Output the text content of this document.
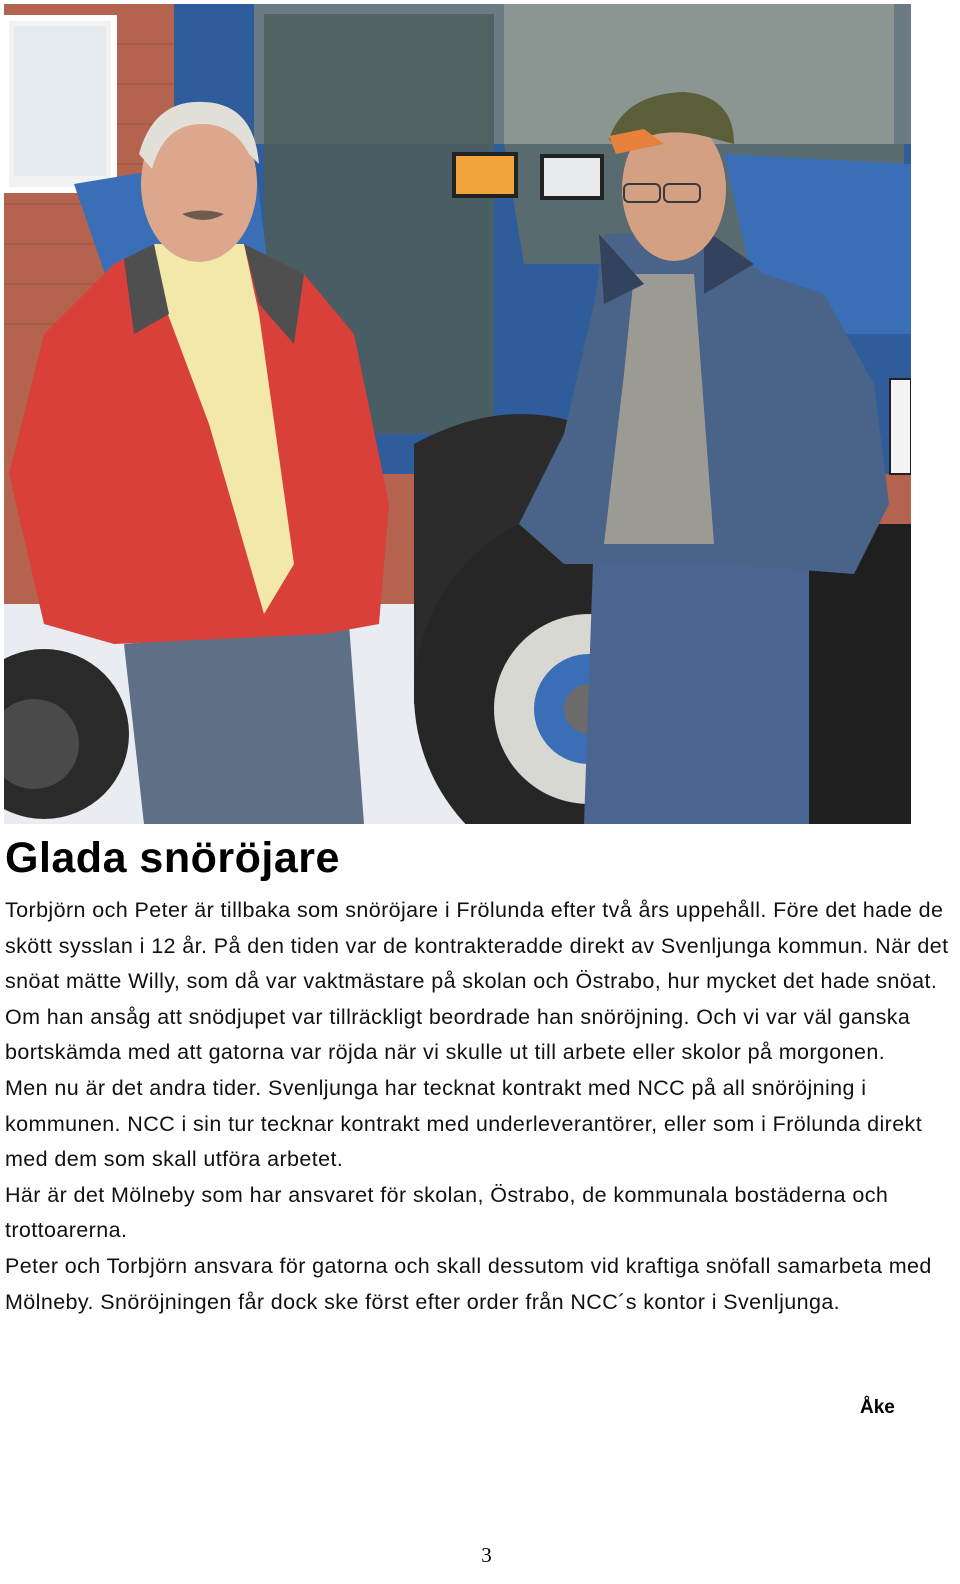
Glada snöröjare

Torbjörn och Peter är tillbaka som snöröjare i Frölunda efter två års uppehåll. Före det hade de skött sysslan i 12 år. På den tiden var de kontrakteradde direkt av Svenljunga kommun. När det snöat mätte Willy, som då var vaktmästare på skolan och Östrabo, hur mycket det hade snöat. Om han ansåg att snödjupet var tillräckligt beordrade han snöröjning. Och vi var väl ganska bortskämda med att gatorna var röjda när vi skulle ut till arbete eller skolor på morgonen.

Men nu är det andra tider. Svenljunga har tecknat kontrakt med NCC på all snöröjning i kommunen. NCC i sin tur tecknar kontrakt med underleverantörer, eller som i Frölunda direkt med dem som skall utföra arbetet.

Här är det Mölneby som har ansvaret för skolan, Östrabo, de kommunala bostäderna och trottoarerna.

Peter och Torbjörn ansvara för gatorna och skall dessutom vid kraftiga snöfall samarbeta med Mölneby. Snöröjningen får dock ske först efter order från NCC´s kontor i Svenljunga.

Åke
3
